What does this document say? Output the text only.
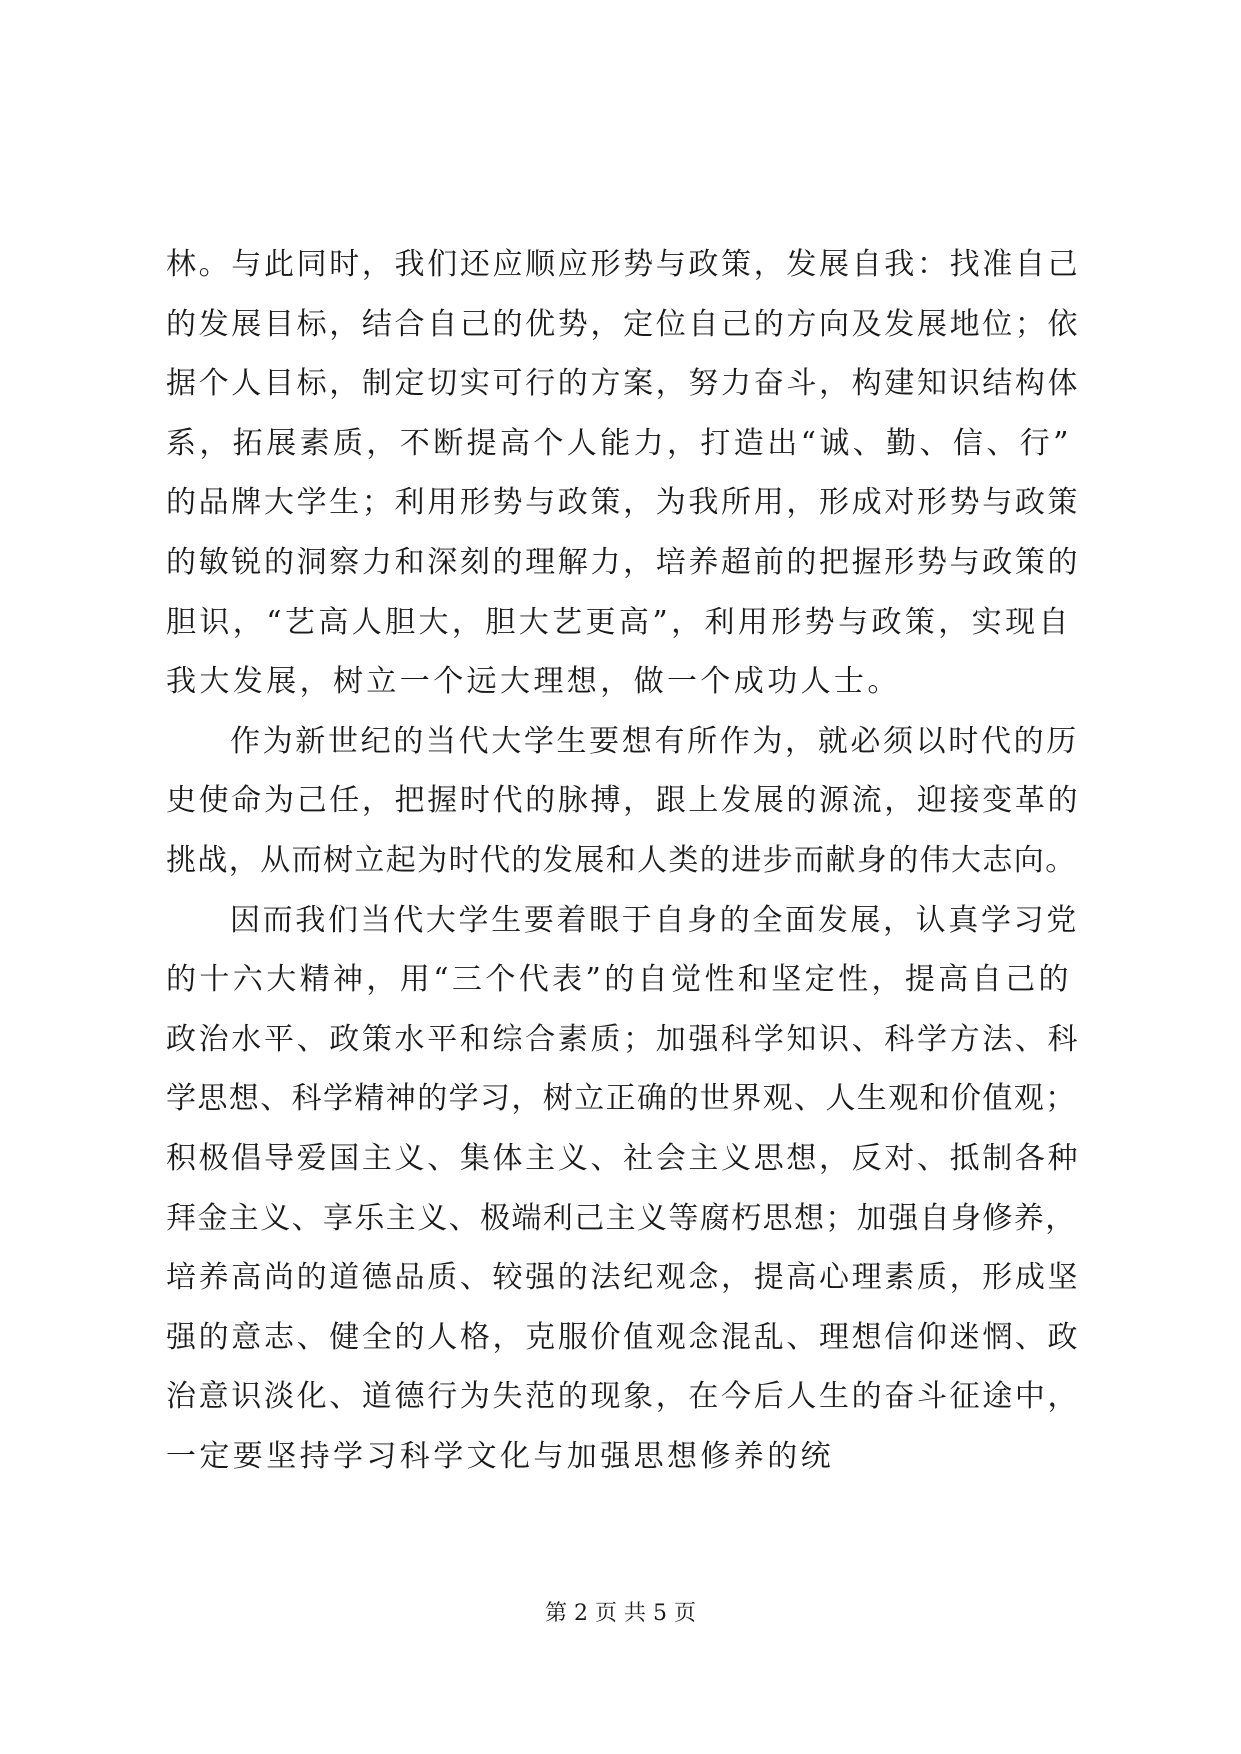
林。与此同时，我们还应顺应形势与政策，发展自我：找准自己
的发展目标，结合自己的优势，定位自己的方向及发展地位；依
据个人目标，制定切实可行的方案，努力奋斗，构建知识结构体
系，拓展素质，不断提高个人能力，打造出“诚、勤、信、行”
的品牌大学生；利用形势与政策，为我所用，形成对形势与政策
的敏锐的洞察力和深刻的理解力，培养超前的把握形势与政策的
胆识，“艺高人胆大，胆大艺更高”，利用形势与政策，实现自
我大发展，树立一个远大理想，做一个成功人士。
作为新世纪的当代大学生要想有所作为，就必须以时代的历
史使命为己任，把握时代的脉搏，跟上发展的源流，迎接变革的
挑战，从而树立起为时代的发展和人类的进步而献身的伟大志向。
因而我们当代大学生要着眼于自身的全面发展，认真学习党
的十六大精神，用“三个代表”的自觉性和坚定性，提高自己的
政治水平、政策水平和综合素质；加强科学知识、科学方法、科
学思想、科学精神的学习，树立正确的世界观、人生观和价值观；
积极倡导爱国主义、集体主义、社会主义思想，反对、抵制各种
拜金主义、享乐主义、极端利己主义等腐朽思想；加强自身修养，
培养高尚的道德品质、较强的法纪观念，提高心理素质，形成坚
强的意志、健全的人格，克服价值观念混乱、理想信仰迷惘、政
治意识淡化、道德行为失范的现象，在今后人生的奋斗征途中，
一定要坚持学习科学文化与加强思想修养的统
第 2 页 共 5 页
